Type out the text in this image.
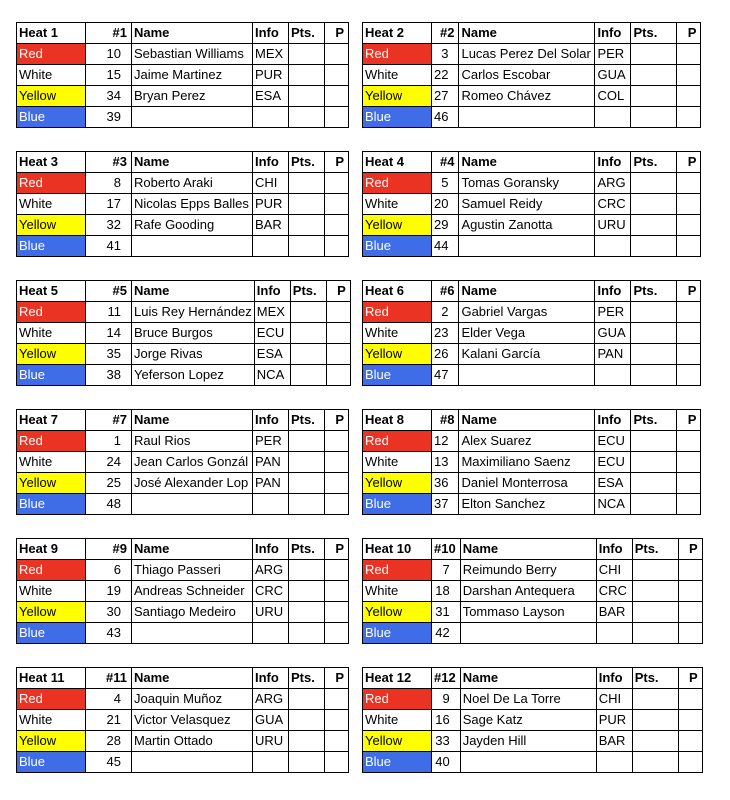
Heat 1	#1	Name	Info	Pts.	P
Red	10	Sebastian Williams	MEX		
White	15	Jaime Martinez	PUR		
Yellow	34	Bryan Perez	ESA		
Blue	39				
Heat 2	#2	Name	Info	Pts.	P
Red	3	Lucas Perez Del Solar	PER		
White	22	Carlos Escobar	GUA		
Yellow	27	Romeo Chávez	COL		
Blue	46				
Heat 3	#3	Name	Info	Pts.	P
Red	8	Roberto Araki	CHI		
White	17	Nicolas Epps Balles	PUR		
Yellow	32	Rafe Gooding	BAR		
Blue	41				
Heat 4	#4	Name	Info	Pts.	P
Red	5	Tomas Goransky	ARG		
White	20	Samuel Reidy	CRC		
Yellow	29	Agustin Zanotta	URU		
Blue	44				
Heat 5	#5	Name	Info	Pts.	P
Red	11	Luis Rey Hernández	MEX		
White	14	Bruce Burgos	ECU		
Yellow	35	Jorge Rivas	ESA		
Blue	38	Yeferson Lopez	NCA		
Heat 6	#6	Name	Info	Pts.	P
Red	2	Gabriel Vargas	PER		
White	23	Elder Vega	GUA		
Yellow	26	Kalani García	PAN		
Blue	47				
Heat 7	#7	Name	Info	Pts.	P
Red	1	Raul Rios	PER		
White	24	Jean Carlos Gonzál	PAN		
Yellow	25	José Alexander Lop	PAN		
Blue	48				
Heat 8	#8	Name	Info	Pts.	P
Red	12	Alex Suarez	ECU		
White	13	Maximiliano Saenz	ECU		
Yellow	36	Daniel Monterrosa	ESA		
Blue	37	Elton Sanchez	NCA		
Heat 9	#9	Name	Info	Pts.	P
Red	6	Thiago Passeri	ARG		
White	19	Andreas Schneider	CRC		
Yellow	30	Santiago Medeiro	URU		
Blue	43				
Heat 10	#10	Name	Info	Pts.	P
Red	7	Reimundo Berry	CHI		
White	18	Darshan Antequera	CRC		
Yellow	31	Tommaso Layson	BAR		
Blue	42				
Heat 11	#11	Name	Info	Pts.	P
Red	4	Joaquin Muñoz	ARG		
White	21	Victor Velasquez	GUA		
Yellow	28	Martin Ottado	URU		
Blue	45				
Heat 12	#12	Name	Info	Pts.	P
Red	9	Noel De La Torre	CHI		
White	16	Sage Katz	PUR		
Yellow	33	Jayden Hill	BAR		
Blue	40				
